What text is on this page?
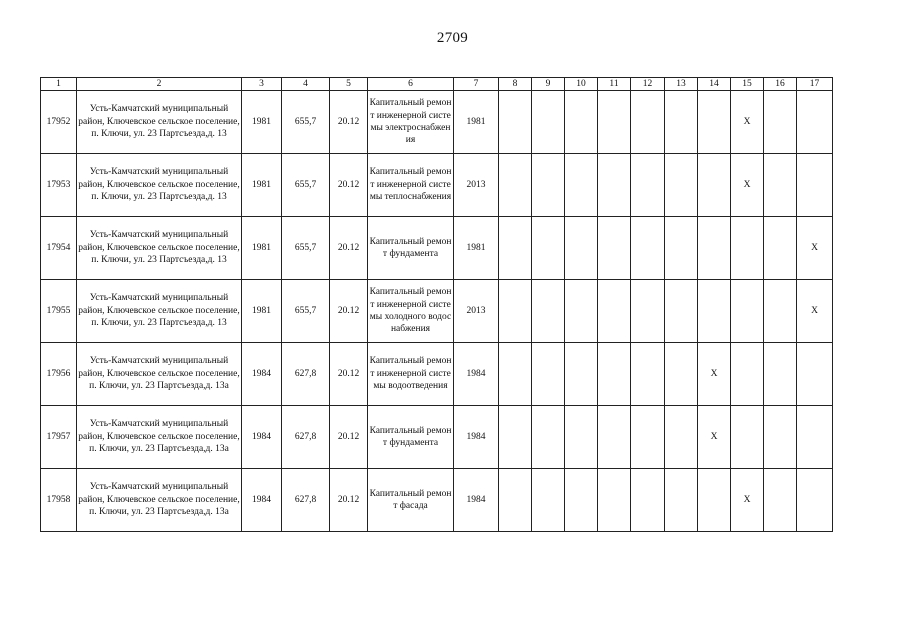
2709
1	2	3	4	5	6	7	8	9	10	11	12	13	14	15	16	17
17952	Усть-Камчатский муниципальный район, Ключевское сельское поселение, п. Ключи, ул. 23 Партсъезда,д. 13	1981	655,7	20.12	Капитальный ремонт инженерной системы электроснабжения	1981								X		
17953	Усть-Камчатский муниципальный район, Ключевское сельское поселение, п. Ключи, ул. 23 Партсъезда,д. 13	1981	655,7	20.12	Капитальный ремонт инженерной системы теплоснабжения	2013								X		
17954	Усть-Камчатский муниципальный район, Ключевское сельское поселение, п. Ключи, ул. 23 Партсъезда,д. 13	1981	655,7	20.12	Капитальный ремонт фундамента	1981										X
17955	Усть-Камчатский муниципальный район, Ключевское сельское поселение, п. Ключи, ул. 23 Партсъезда,д. 13	1981	655,7	20.12	Капитальный ремонт инженерной системы холодного водоснабжения	2013										X
17956	Усть-Камчатский муниципальный район, Ключевское сельское поселение, п. Ключи, ул. 23 Партсъезда,д. 13а	1984	627,8	20.12	Капитальный ремонт инженерной системы водоотведения	1984							X			
17957	Усть-Камчатский муниципальный район, Ключевское сельское поселение, п. Ключи, ул. 23 Партсъезда,д. 13а	1984	627,8	20.12	Капитальный ремонт фундамента	1984							X			
17958	Усть-Камчатский муниципальный район, Ключевское сельское поселение, п. Ключи, ул. 23 Партсъезда,д. 13а	1984	627,8	20.12	Капитальный ремонт фасада	1984								X		
